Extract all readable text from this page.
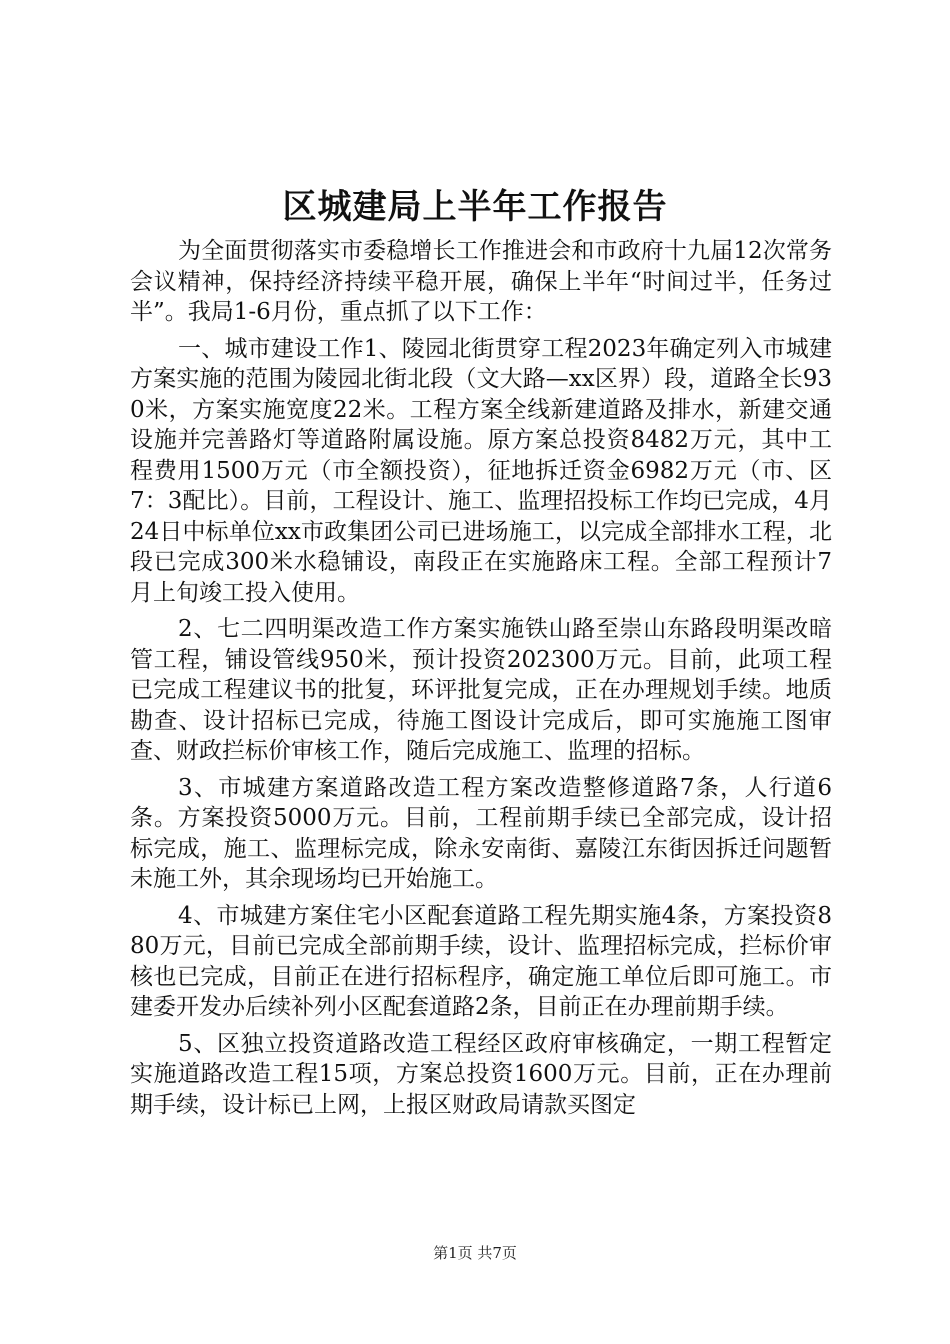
区城建局上半年工作报告

为全面贯彻落实市委稳增长工作推进会和市政府十九届12次常务会议精神，保持经济持续平稳开展，确保上半年“时间过半，任务过半”。我局1-6月份，重点抓了以下工作：

一、城市建设工作1、陵园北街贯穿工程2023年确定列入市城建方案实施的范围为陵园北街北段（文大路—xx区界）段，道路全长930米，方案实施宽度22米。工程方案全线新建道路及排水，新建交通设施并完善路灯等道路附属设施。原方案总投资8482万元，其中工程费用1500万元（市全额投资），征地拆迁资金6982万元（市、区7：3配比）。目前，工程设计、施工、监理招投标工作均已完成，4月24日中标单位xx市政集团公司已进场施工，以完成全部排水工程，北段已完成300米水稳铺设，南段正在实施路床工程。全部工程预计7月上旬竣工投入使用。

2、七二四明渠改造工作方案实施铁山路至崇山东路段明渠改暗管工程，铺设管线950米，预计投资202300万元。目前，此项工程已完成工程建议书的批复，环评批复完成，正在办理规划手续。地质勘查、设计招标已完成，待施工图设计完成后，即可实施施工图审查、财政拦标价审核工作，随后完成施工、监理的招标。

3、市城建方案道路改造工程方案改造整修道路7条，人行道6条。方案投资5000万元。目前，工程前期手续已全部完成，设计招标完成，施工、监理标完成，除永安南街、嘉陵江东街因拆迁问题暂未施工外，其余现场均已开始施工。

4、市城建方案住宅小区配套道路工程先期实施4条，方案投资880万元，目前已完成全部前期手续，设计、监理招标完成，拦标价审核也已完成，目前正在进行招标程序，确定施工单位后即可施工。市建委开发办后续补列小区配套道路2条，目前正在办理前期手续。

5、区独立投资道路改造工程经区政府审核确定，一期工程暂定实施道路改造工程15项，方案总投资1600万元。目前，正在办理前期手续，设计标已上网，上报区财政局请款买图定

第1页 共7页
